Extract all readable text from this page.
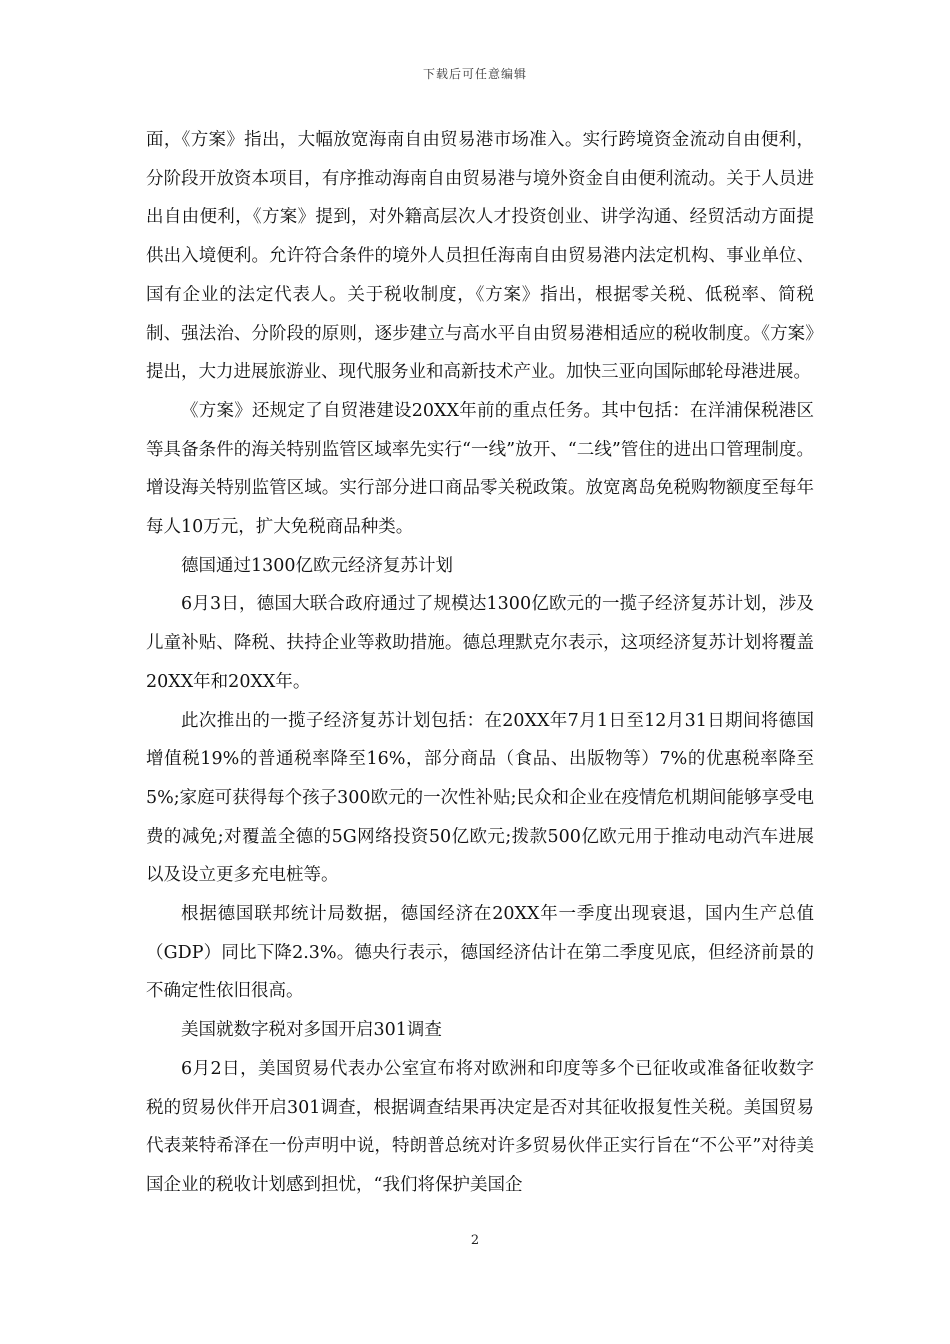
下载后可任意编辑

面，《方案》指出，大幅放宽海南自由贸易港市场准入。实行跨境资金流动自由便利，分阶段开放资本项目，有序推动海南自由贸易港与境外资金自由便利流动。关于人员进出自由便利，《方案》提到，对外籍高层次人才投资创业、讲学沟通、经贸活动方面提供出入境便利。允许符合条件的境外人员担任海南自由贸易港内法定机构、事业单位、国有企业的法定代表人。关于税收制度，《方案》指出，根据零关税、低税率、简税制、强法治、分阶段的原则，逐步建立与高水平自由贸易港相适应的税收制度。《方案》提出，大力进展旅游业、现代服务业和高新技术产业。加快三亚向国际邮轮母港进展。

《方案》还规定了自贸港建设20XX年前的重点任务。其中包括：在洋浦保税港区等具备条件的海关特别监管区域率先实行“一线”放开、“二线”管住的进出口管理制度。增设海关特别监管区域。实行部分进口商品零关税政策。放宽离岛免税购物额度至每年每人10万元，扩大免税商品种类。

德国通过1300亿欧元经济复苏计划

6月3日，德国大联合政府通过了规模达1300亿欧元的一揽子经济复苏计划，涉及儿童补贴、降税、扶持企业等救助措施。德总理默克尔表示，这项经济复苏计划将覆盖20XX年和20XX年。

此次推出的一揽子经济复苏计划包括：在20XX年7月1日至12月31日期间将德国增值税19%的普通税率降至16%，部分商品（食品、出版物等）7%的优惠税率降至5%;家庭可获得每个孩子300欧元的一次性补贴;民众和企业在疫情危机期间能够享受电费的减免;对覆盖全德的5G网络投资50亿欧元;拨款500亿欧元用于推动电动汽车进展以及设立更多充电桩等。

根据德国联邦统计局数据，德国经济在20XX年一季度出现衰退，国内生产总值（GDP）同比下降2.3%。德央行表示，德国经济估计在第二季度见底，但经济前景的不确定性依旧很高。

美国就数字税对多国开启301调查

6月2日，美国贸易代表办公室宣布将对欧洲和印度等多个已征收或准备征收数字税的贸易伙伴开启301调查，根据调查结果再决定是否对其征收报复性关税。美国贸易代表莱特希泽在一份声明中说，特朗普总统对许多贸易伙伴正实行旨在“不公平”对待美国企业的税收计划感到担忧，“我们将保护美国企

2
